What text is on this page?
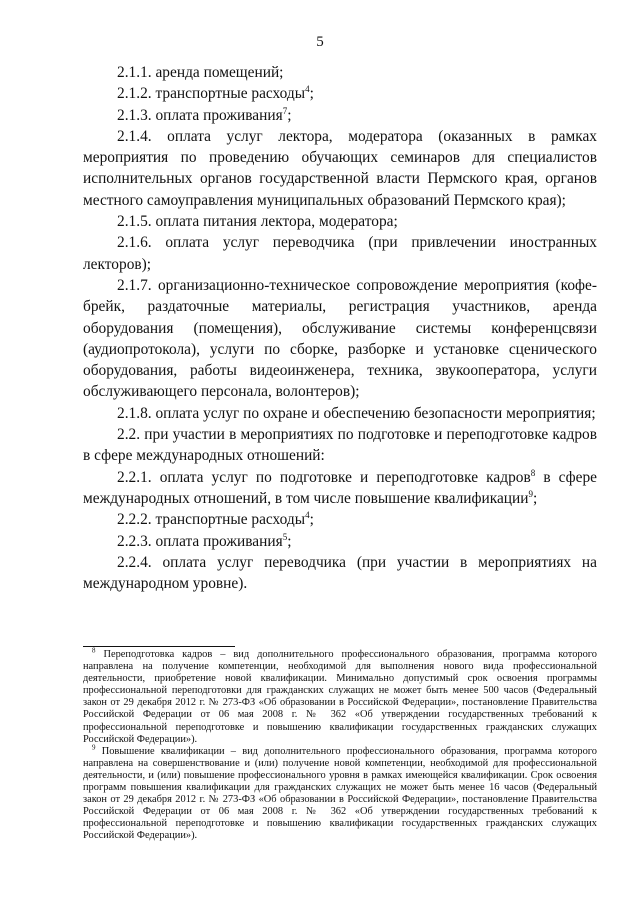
5

2.1.1. аренда помещений;

2.1.2. транспортные расходы$^4$;

2.1.3. оплата проживания$^7$;

2.1.4. оплата услуг лектора, модератора (оказанных в рамках мероприятия по проведению обучающих семинаров для специалистов исполнительных органов государственной власти Пермского края, органов местного самоуправления муниципальных образований Пермского края);

2.1.5. оплата питания лектора, модератора;

2.1.6. оплата услуг переводчика (при привлечении иностранных лекторов);

2.1.7. организационно-техническое сопровождение мероприятия (кофе-брейк, раздаточные материалы, регистрация участников, аренда оборудования (помещения), обслуживание системы конференцсвязи (аудиопротокола), услуги по сборке, разборке и установке сценического оборудования, работы видеоинженера, техника, звукооператора, услуги обслуживающего персонала, волонтеров);

2.1.8. оплата услуг по охране и обеспечению безопасности мероприятия;

2.2. при участии в мероприятиях по подготовке и переподготовке кадров в сфере международных отношений:

2.2.1. оплата услуг по подготовке и переподготовке кадров$^8$ в сфере международных отношений, в том числе повышение квалификации$^9$;

2.2.2. транспортные расходы$^4$;

2.2.3. оплата проживания$^5$;

2.2.4. оплата услуг переводчика (при участии в мероприятиях на международном уровне).

$^8$ Переподготовка кадров – вид дополнительного профессионального образования, программа которого направлена на получение компетенции, необходимой для выполнения нового вида профессиональной деятельности, приобретение новой квалификации. Минимально допустимый срок освоения программы профессиональной переподготовки для гражданских служащих не может быть менее 500 часов (Федеральный закон от 29 декабря 2012 г. № 273-ФЗ «Об образовании в Российской Федерации», постановление Правительства Российской Федерации от 06 мая 2008 г. № 362 «Об утверждении государственных требований к профессиональной переподготовке и повышению квалификации государственных гражданских служащих Российской Федерации»).

$^9$ Повышение квалификации – вид дополнительного профессионального образования, программа которого направлена на совершенствование и (или) получение новой компетенции, необходимой для профессиональной деятельности, и (или) повышение профессионального уровня в рамках имеющейся квалификации. Срок освоения программ повышения квалификации для гражданских служащих не может быть менее 16 часов (Федеральный закон от 29 декабря 2012 г. № 273-ФЗ «Об образовании в Российской Федерации», постановление Правительства Российской Федерации от 06 мая 2008 г. № 362 «Об утверждении государственных требований к профессиональной переподготовке и повышению квалификации государственных гражданских служащих Российской Федерации»).
